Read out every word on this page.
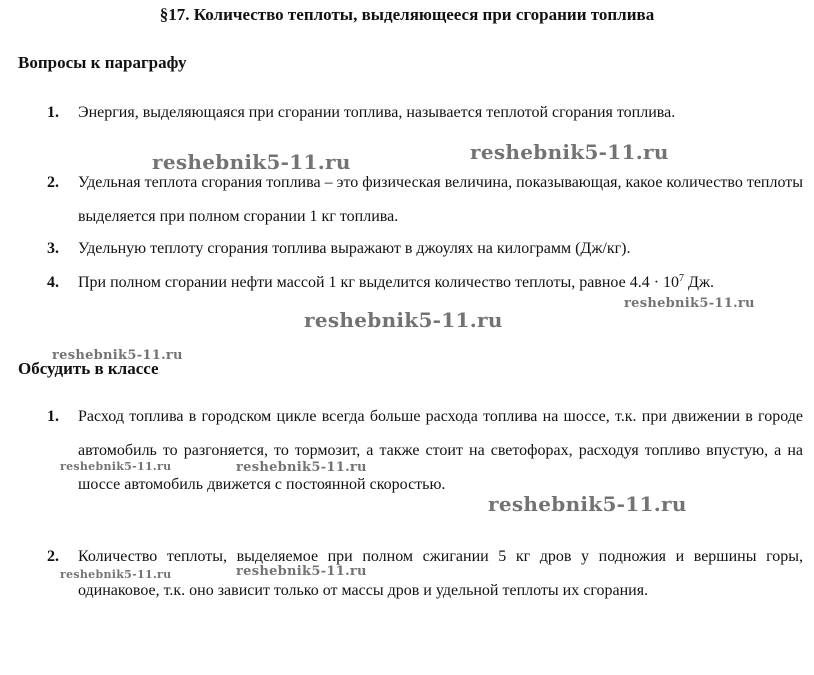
§17. Количество теплоты, выделяющееся при сгорании топлива
Вопросы к параграфу
1. Энергия, выделяющаяся при сгорании топлива, называется теплотой сгорания топлива.

2. Удельная теплота сгорания топлива – это физическая величина, показывающая, какое количество теплоты выделяется при полном сгорании 1 кг топлива.

3. Удельную теплоту сгорания топлива выражают в джоулях на килограмм (Дж/кг).

4. При полном сгорании нефти массой 1 кг выделится количество теплоты, равное $4.4 \cdot 10^7$ Дж.

Обсудить в классе
1. Расход топлива в городском цикле всегда больше расхода топлива на шоссе, т.к. при движении в городе автомобиль то разгоняется, то тормозит, а также стоит на светофорах, расходуя топливо впустую, а на шоссе автомобиль движется с постоянной скоростью.

2. Количество теплоты, выделяемое при полном сжигании 5 кг дров у подножия и вершины горы, одинаковое, т.к. оно зависит только от массы дров и удельной теплоты их сгорания.

reshebnik5-11.ru	reshebnik5-11.ru
reshebnik5-11.ru
reshebnik5-11.ru
reshebnik5-11.ru
reshebnik5-11.ru	reshebnik5-11.ru
reshebnik5-11.ru
reshebnik5-11.ru	reshebnik5-11.ru
